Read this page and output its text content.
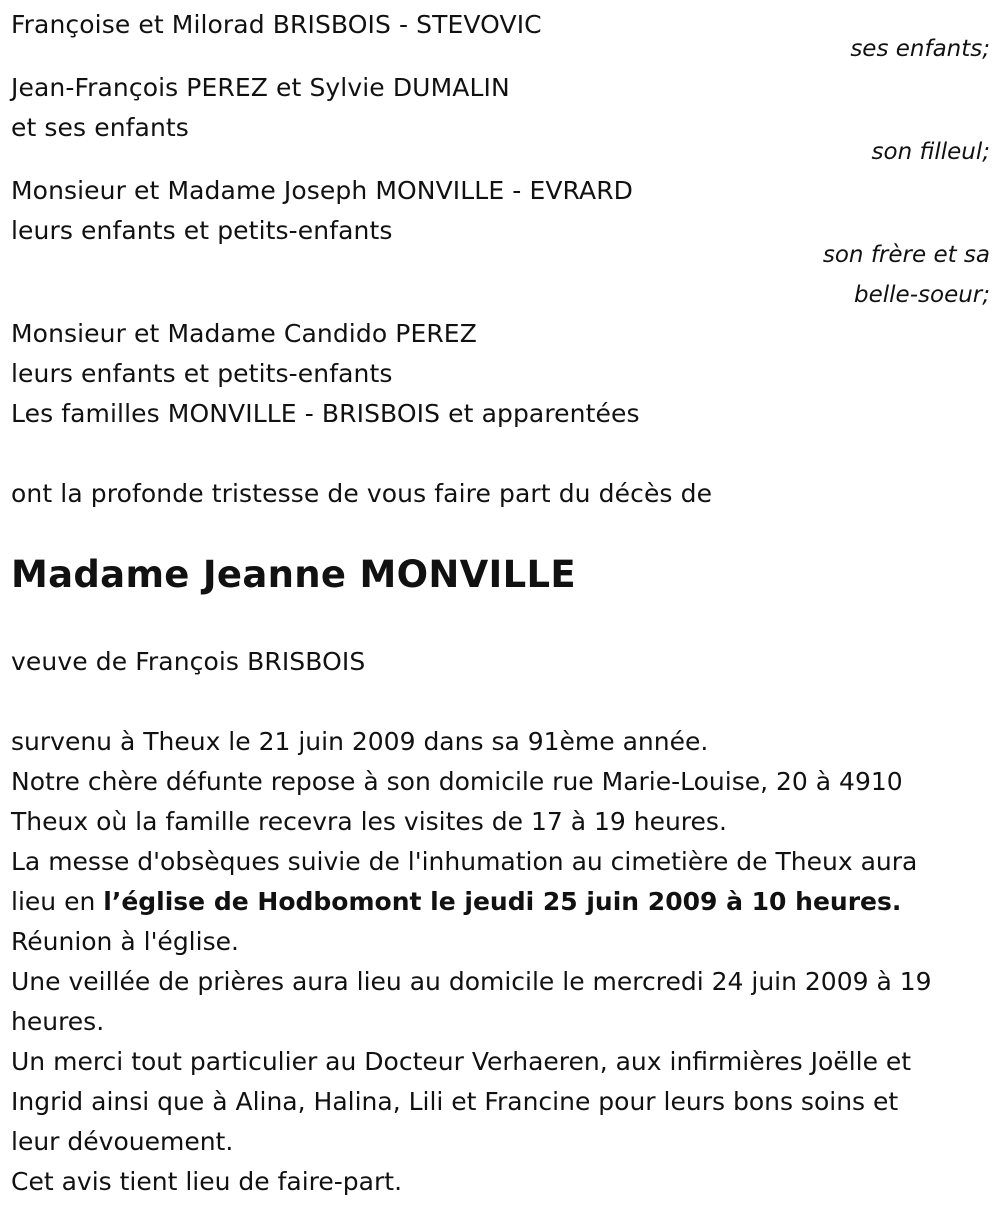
Françoise et Milorad BRISBOIS - STEVOVIC
ses enfants;
Jean-François PEREZ et Sylvie DUMALIN
et ses enfants
son filleul;
Monsieur et Madame Joseph MONVILLE - EVRARD
leurs enfants et petits-enfants
son frère et sa
belle-soeur;
Monsieur et Madame Candido PEREZ
leurs enfants et petits-enfants
Les familles MONVILLE - BRISBOIS et apparentées
ont la profonde tristesse de vous faire part du décès de
Madame Jeanne MONVILLE
veuve de François BRISBOIS
survenu à Theux le 21 juin 2009 dans sa 91ème année.
Notre chère défunte repose à son domicile rue Marie-Louise, 20 à 4910
Theux où la famille recevra les visites de 17 à 19 heures.
La messe d'obsèques suivie de l'inhumation au cimetière de Theux aura
lieu en l’église de Hodbomont le jeudi 25 juin 2009 à 10 heures.
Réunion à l'église.
Une veillée de prières aura lieu au domicile le mercredi 24 juin 2009 à 19
heures.
Un merci tout particulier au Docteur Verhaeren, aux infirmières Joëlle et
Ingrid ainsi que à Alina, Halina, Lili et Francine pour leurs bons soins et
leur dévouement.
Cet avis tient lieu de faire-part.
